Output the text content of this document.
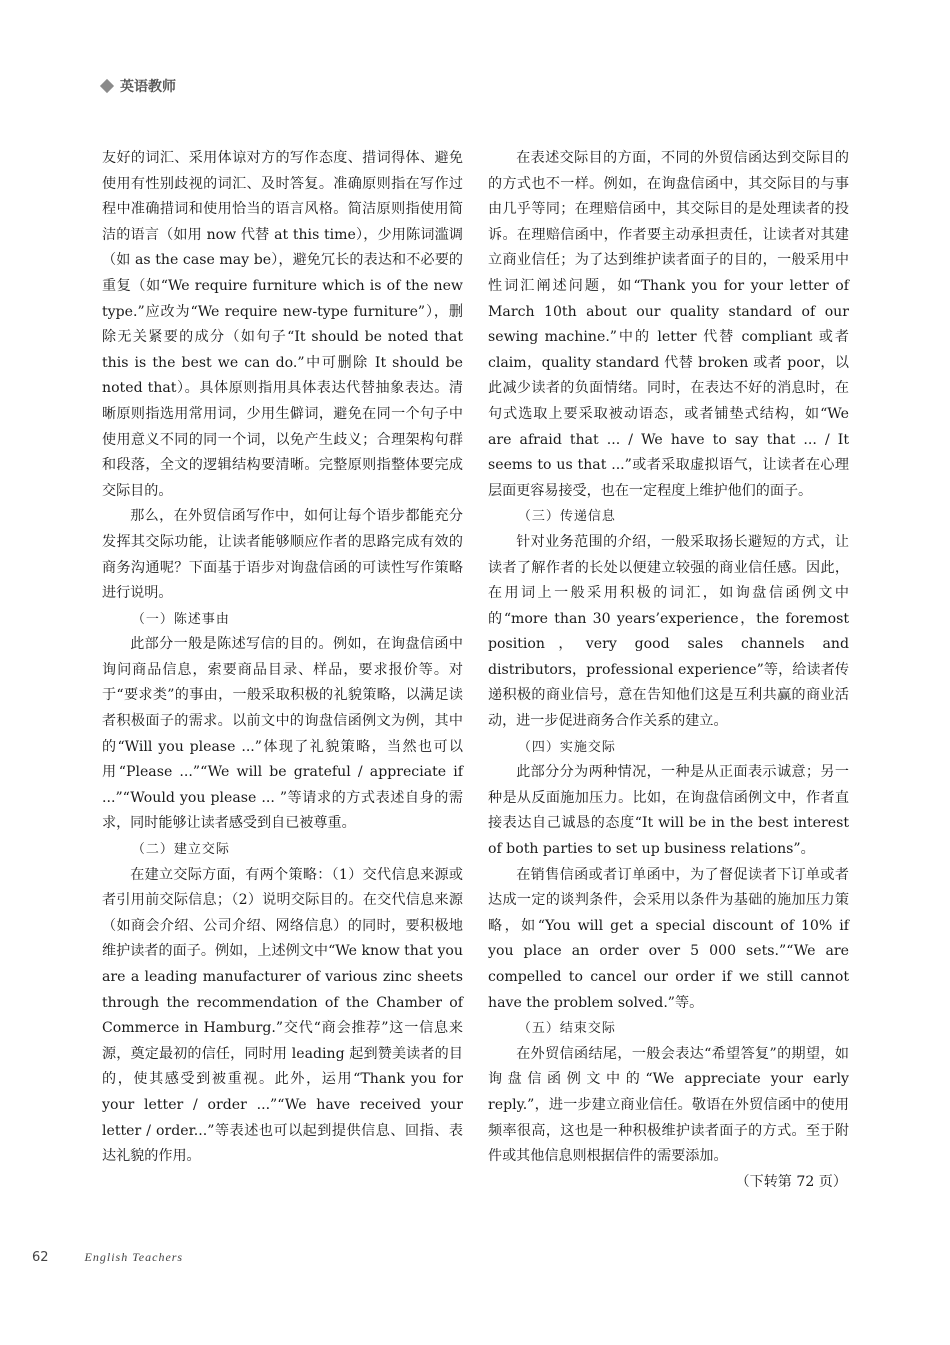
英语教师

友好的词汇、采用体谅对方的写作态度、措词得体、避免使用有性别歧视的词汇、及时答复。准确原则指在写作过程中准确措词和使用恰当的语言风格。简洁原则指使用简洁的语言（如用 now 代替 at this time），少用陈词滥调（如 as the case may be），避免冗长的表达和不必要的重复（如“We require furniture which is of the new type.”应改为“We require new-type furniture”），删除无关紧要的成分（如句子“It should be noted that this is the best we can do.”中可删除 It should be noted that）。具体原则指用具体表达代替抽象表达。清晰原则指选用常用词，少用生僻词，避免在同一个句子中使用意义不同的同一个词，以免产生歧义；合理架构句群和段落，全文的逻辑结构要清晰。完整原则指整体要完成交际目的。

那么，在外贸信函写作中，如何让每个语步都能充分发挥其交际功能，让读者能够顺应作者的思路完成有效的商务沟通呢？下面基于语步对询盘信函的可读性写作策略进行说明。

（一）陈述事由

此部分一般是陈述写信的目的。例如，在询盘信函中询问商品信息，索要商品目录、样品，要求报价等。对于“要求类”的事由，一般采取积极的礼貌策略，以满足读者积极面子的需求。以前文中的询盘信函例文为例，其中的“Will you please ...”体现了礼貌策略，当然也可以用“Please ...”“We will be grateful / appreciate if ...”“Would you please ... ”等请求的方式表述自身的需求，同时能够让读者感受到自已被尊重。

（二）建立交际

在建立交际方面，有两个策略：（1）交代信息来源或者引用前交际信息；（2）说明交际目的。在交代信息来源（如商会介绍、公司介绍、网络信息）的同时，要积极地维护读者的面子。例如，上述例文中“We know that you are a leading manufacturer of various zinc sheets through the recommendation of the Chamber of Commerce in Hamburg.”交代“商会推荐”这一信息来源，奠定最初的信任，同时用 leading 起到赞美读者的目的，使其感受到被重视。此外，运用“Thank you for your letter / order ...”“We have received your letter / order...”等表述也可以起到提供信息、回指、表达礼貌的作用。

在表述交际目的方面，不同的外贸信函达到交际目的的方式也不一样。例如，在询盘信函中，其交际目的与事由几乎等同；在理赔信函中，其交际目的是处理读者的投诉。在理赔信函中，作者要主动承担责任，让读者对其建立商业信任；为了达到维护读者面子的目的，一般采用中性词汇阐述问题，如“Thank you for your letter of March 10th about our quality standard of our sewing machine.”中的 letter 代替 compliant 或者 claim，quality standard 代替 broken 或者 poor，以此减少读者的负面情绪。同时，在表达不好的消息时，在句式选取上要采取被动语态，或者铺垫式结构，如“We are afraid that ... / We have to say that ... / It seems to us that ...”或者采取虚拟语气，让读者在心理层面更容易接受，也在一定程度上维护他们的面子。

（三）传递信息

针对业务范围的介绍，一般采取扬长避短的方式，让读者了解作者的长处以便建立较强的商业信任感。因此，在用词上一般采用积极的词汇，如询盘信函例文中的“more than 30 years’experience，the foremost position，very good sales channels and distributors，professional experience”等，给读者传递积极的商业信号，意在告知他们这是互利共赢的商业活动，进一步促进商务合作关系的建立。

（四）实施交际

此部分分为两种情况，一种是从正面表示诚意；另一种是从反面施加压力。比如，在询盘信函例文中，作者直接表达自己诚恳的态度“It will be in the best interest of both parties to set up business relations”。

在销售信函或者订单函中，为了督促读者下订单或者达成一定的谈判条件，会采用以条件为基础的施加压力策略，如“You will get a special discount of 10% if you place an order over 5 000 sets.”“We are compelled to cancel our order if we still cannot have the problem solved.”等。

（五）结束交际

在外贸信函结尾，一般会表达“希望答复”的期望，如询盘信函例文中的“We appreciate your early reply.”，进一步建立商业信任。敬语在外贸信函中的使用频率很高，这也是一种积极维护读者面子的方式。至于附件或其他信息则根据信件的需要添加。

（下转第 72 页）

62	English Teachers
